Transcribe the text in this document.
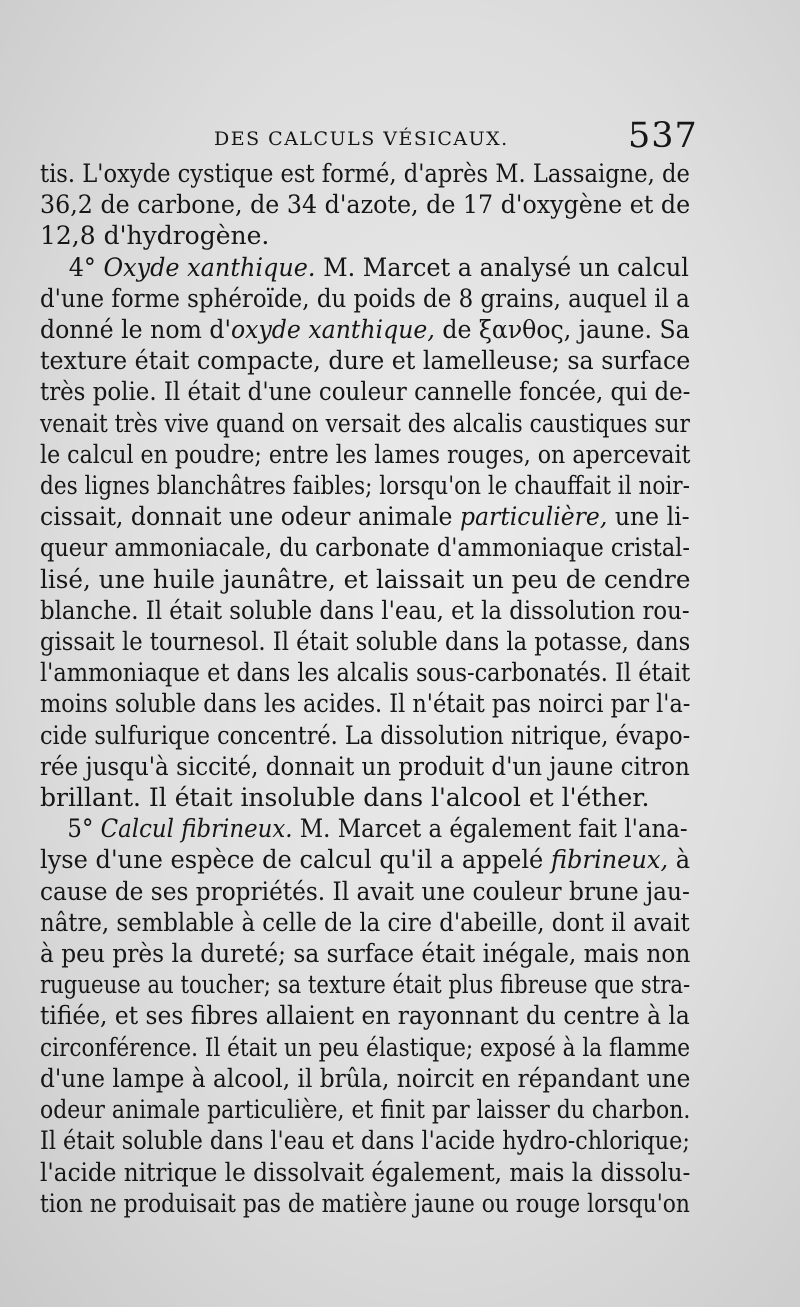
DES CALCULS VÉSICAUX.	537
tis. L'oxyde cystique est formé, d'après M. Lassaigne, de
36,2 de carbone, de 34 d'azote, de 17 d'oxygène et de
12,8 d'hydrogène.
4° Oxyde xanthique. M. Marcet a analysé un calcul
d'une forme sphéroïde, du poids de 8 grains, auquel il a
donné le nom d'oxyde xanthique, de ξανθος, jaune. Sa
texture était compacte, dure et lamelleuse; sa surface
très polie. Il était d'une couleur cannelle foncée, qui de-
venait très vive quand on versait des alcalis caustiques sur
le calcul en poudre; entre les lames rouges, on apercevait
des lignes blanchâtres faibles; lorsqu'on le chauffait il noir-
cissait, donnait une odeur animale particulière, une li-
queur ammoniacale, du carbonate d'ammoniaque cristal-
lisé, une huile jaunâtre, et laissait un peu de cendre
blanche. Il était soluble dans l'eau, et la dissolution rou-
gissait le tournesol. Il était soluble dans la potasse, dans
l'ammoniaque et dans les alcalis sous-carbonatés. Il était
moins soluble dans les acides. Il n'était pas noirci par l'a-
cide sulfurique concentré. La dissolution nitrique, évapo-
rée jusqu'à siccité, donnait un produit d'un jaune citron
brillant. Il était insoluble dans l'alcool et l'éther.
5° Calcul fibrineux. M. Marcet a également fait l'ana-
lyse d'une espèce de calcul qu'il a appelé fibrineux, à
cause de ses propriétés. Il avait une couleur brune jau-
nâtre, semblable à celle de la cire d'abeille, dont il avait
à peu près la dureté; sa surface était inégale, mais non
rugueuse au toucher; sa texture était plus fibreuse que stra-
tifiée, et ses fibres allaient en rayonnant du centre à la
circonférence. Il était un peu élastique; exposé à la flamme
d'une lampe à alcool, il brûla, noircit en répandant une
odeur animale particulière, et finit par laisser du charbon.
Il était soluble dans l'eau et dans l'acide hydro-chlorique;
l'acide nitrique le dissolvait également, mais la dissolu-
tion ne produisait pas de matière jaune ou rouge lorsqu'on
